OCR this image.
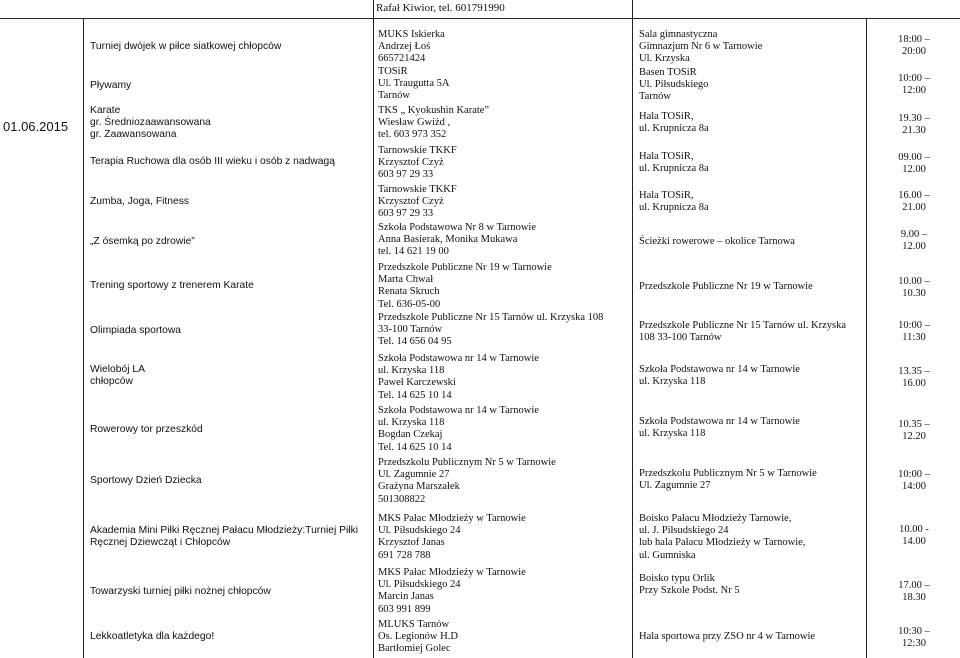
Rafał Kiwior, tel. 601791990
01.06.2015
Turniej dwójek w piłce siatkowej chłopców
Pływamy
Karate
gr. Średniozaawansowana
gr. Zaawansowana
Terapia Ruchowa dla osób III wieku i osób z nadwagą
Zumba, Joga, Fitness
„Z ósemką po zdrowie”
Trening sportowy z trenerem Karate
Olimpiada sportowa
Wielobój LA
chłopców
Rowerowy tor przeszkód
Sportowy Dzień Dziecka
Akademia Mini Piłki Ręcznej Pałacu Młodzieży:Turniej Piłki
Ręcznej Dziewcząt i Chłopców
Towarzyski turniej piłki nożnej chłopców
Lekkoatletyka dla każdego!
MUKS Iskierka
Andrzej Łoś
665721424
TOSiR
Ul. Traugutta 5A
Tarnów
TKS „ Kyokushin Karate”
Wiesław Gwiżd ,
tel. 603 973 352
Tarnowskie TKKF
Krzysztof Czyż
603 97 29 33
Tarnowskie TKKF
Krzysztof Czyż
603 97 29 33
Szkoła Podstawowa Nr 8 w Tarnowie
Anna Basierak, Monika Mukawa
tel. 14 621 19 00
Przedszkole Publiczne Nr 19 w Tarnowie
Marta Chwał
Renata Skruch
Tel. 636-05-00
Przedszkole Publiczne Nr 15 Tarnów ul. Krzyska 108
33-100 Tarnów
Tel. 14 656 04 95
Szkoła Podstawowa nr 14 w Tarnowie
ul. Krzyska 118
Paweł Karczewski
Tel. 14 625 10 14
Szkoła Podstawowa nr 14 w Tarnowie
ul. Krzyska 118
Bogdan Czekaj
Tel. 14 625 10 14
Przedszkolu Publicznym Nr 5 w Tarnowie
Ul. Zagumnie 27
Grażyna Marszałek
501308822
MKS Pałac Młodzieży w Tarnowie
Ul. Piłsudskiego 24
Krzysztof Janas
691 728 788
MKS Pałac Młodzieży w Tarnowie
Ul. Piłsudskiego 24
Marcin Janas
603 991 899
MLUKS Tarnów
Os. Legionów H.D
Bartłomiej Golec
Sala gimnastyczna
Gimnazjum Nr 6 w Tarnowie
Ul. Krzyska
Basen TOSiR
Ul. Piłsudskiego
Tarnów
Hala TOSiR,
ul. Krupnicza 8a
Hala TOSiR,
ul. Krupnicza 8a
Hala TOSiR,
ul. Krupnicza 8a
Ścieżki rowerowe – okolice Tarnowa
Przedszkole Publiczne Nr 19 w Tarnowie
Przedszkole Publiczne Nr 15 Tarnów ul. Krzyska
108 33-100 Tarnów
Szkoła Podstawowa nr 14 w Tarnowie
ul. Krzyska 118
Szkoła Podstawowa nr 14 w Tarnowie
ul. Krzyska 118
Przedszkolu Publicznym Nr 5 w Tarnowie
Ul. Zagumnie 27
Boisko Pałacu Młodzieży Tarnowie,
ul. J. Piłsudskiego 24
lub hala Pałacu Młodzieży w Tarnowie,
ul. Gumniska
Boisko typu Orlik
Przy Szkole Podst. Nr 5
Hala sportowa przy ZSO nr 4 w Tarnowie
18:00 –
20:00
10:00 –
12:00
19.30 –
21.30
09.00 –
12.00
16.00 –
21.00
9.00 –
12.00
10.00 –
10.30
10:00 –
11:30
13.35 –
16.00
10.35 –
12.20
10:00 –
14:00
10.00 -
14.00
17.00 –
18.30
10:30 –
12:30
